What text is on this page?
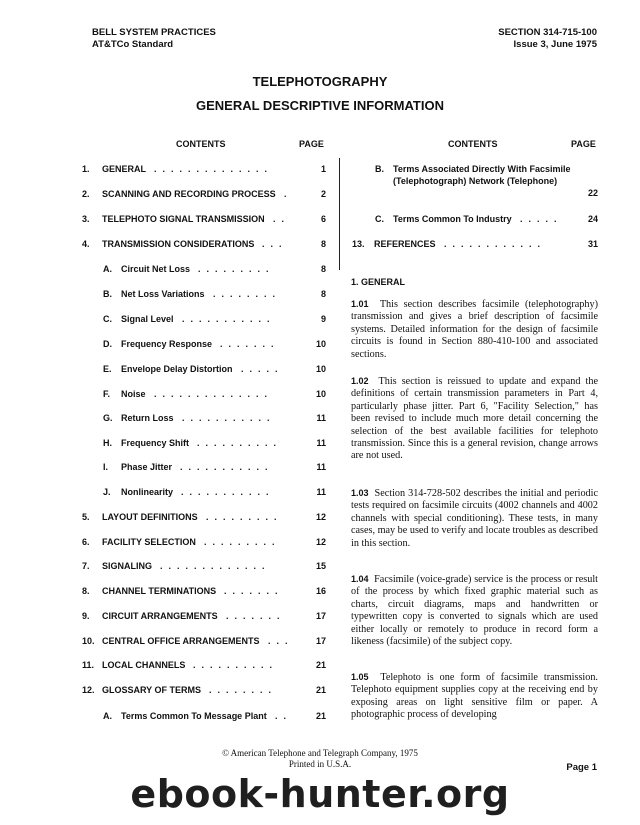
BELL SYSTEM PRACTICES
AT&TCo Standard
SECTION 314-715-100
Issue 3, June 1975
TELEPHOTOGRAPHY
GENERAL DESCRIPTIVE INFORMATION
CONTENTS	PAGE	CONTENTS	PAGE
1. GENERAL	1
..............
2. SCANNING AND RECORDING PROCESS	2
.
3. TELEPHOTO SIGNAL TRANSMISSION	6
..
4. TRANSMISSION CONSIDERATIONS	8
...
A. Circuit Net Loss	8
.........
B. Net Loss Variations	8
........
C. Signal Level	9
...........
D. Frequency Response	10
.......
E. Envelope Delay Distortion	10
.....
F. Noise	10
..............
G. Return Loss	11
...........
H. Frequency Shift	11
..........
I. Phase Jitter	11
...........
J. Nonlinearity	11
...........
5. LAYOUT DEFINITIONS	12
.........
6. FACILITY SELECTION	12
.........
7. SIGNALING	15
.............
8. CHANNEL TERMINATIONS	16
.......
9. CIRCUIT ARRANGEMENTS	17
.......
10. CENTRAL OFFICE ARRANGEMENTS	17
...
11. LOCAL CHANNELS	21
..........
12. GLOSSARY OF TERMS	21
........
A. Terms Common To Message Plant	21
..
B. Terms Associated Directly With Facsimile
(Telephotograph) Network (Telephone)
22
C. Terms Common To Industry	24
.....
13. REFERENCES	31
............
1. GENERAL
1.01 This section describes facsimile (telephotography) transmission and gives a brief description of facsimile systems. Detailed information for the design of facsimile circuits is found in Section 880-410-100 and associated sections.
1.02 This section is reissued to update and expand the definitions of certain transmission parameters in Part 4, particularly phase jitter. Part 6, "Facility Selection," has been revised to include much more detail concerning the selection of the best available facilities for telephoto transmission. Since this is a general revision, change arrows are not used.
1.03 Section 314-728-502 describes the initial and periodic tests required on facsimile circuits (4002 channels and 4002 channels with special conditioning). These tests, in many cases, may be used to verify and locate troubles as described in this section.
1.04 Facsimile (voice-grade) service is the process or result of the process by which fixed graphic material such as charts, circuit diagrams, maps and handwritten or typewritten copy is converted to signals which are used either locally or remotely to produce in record form a likeness (facsimile) of the subject copy.
1.05 Telephoto is one form of facsimile transmission. Telephoto equipment supplies copy at the receiving end by exposing areas on light sensitive film or paper. A photographic process of developing
© American Telephone and Telegraph Company, 1975
Printed in U.S.A.	Page 1
ebook-hunter.org
